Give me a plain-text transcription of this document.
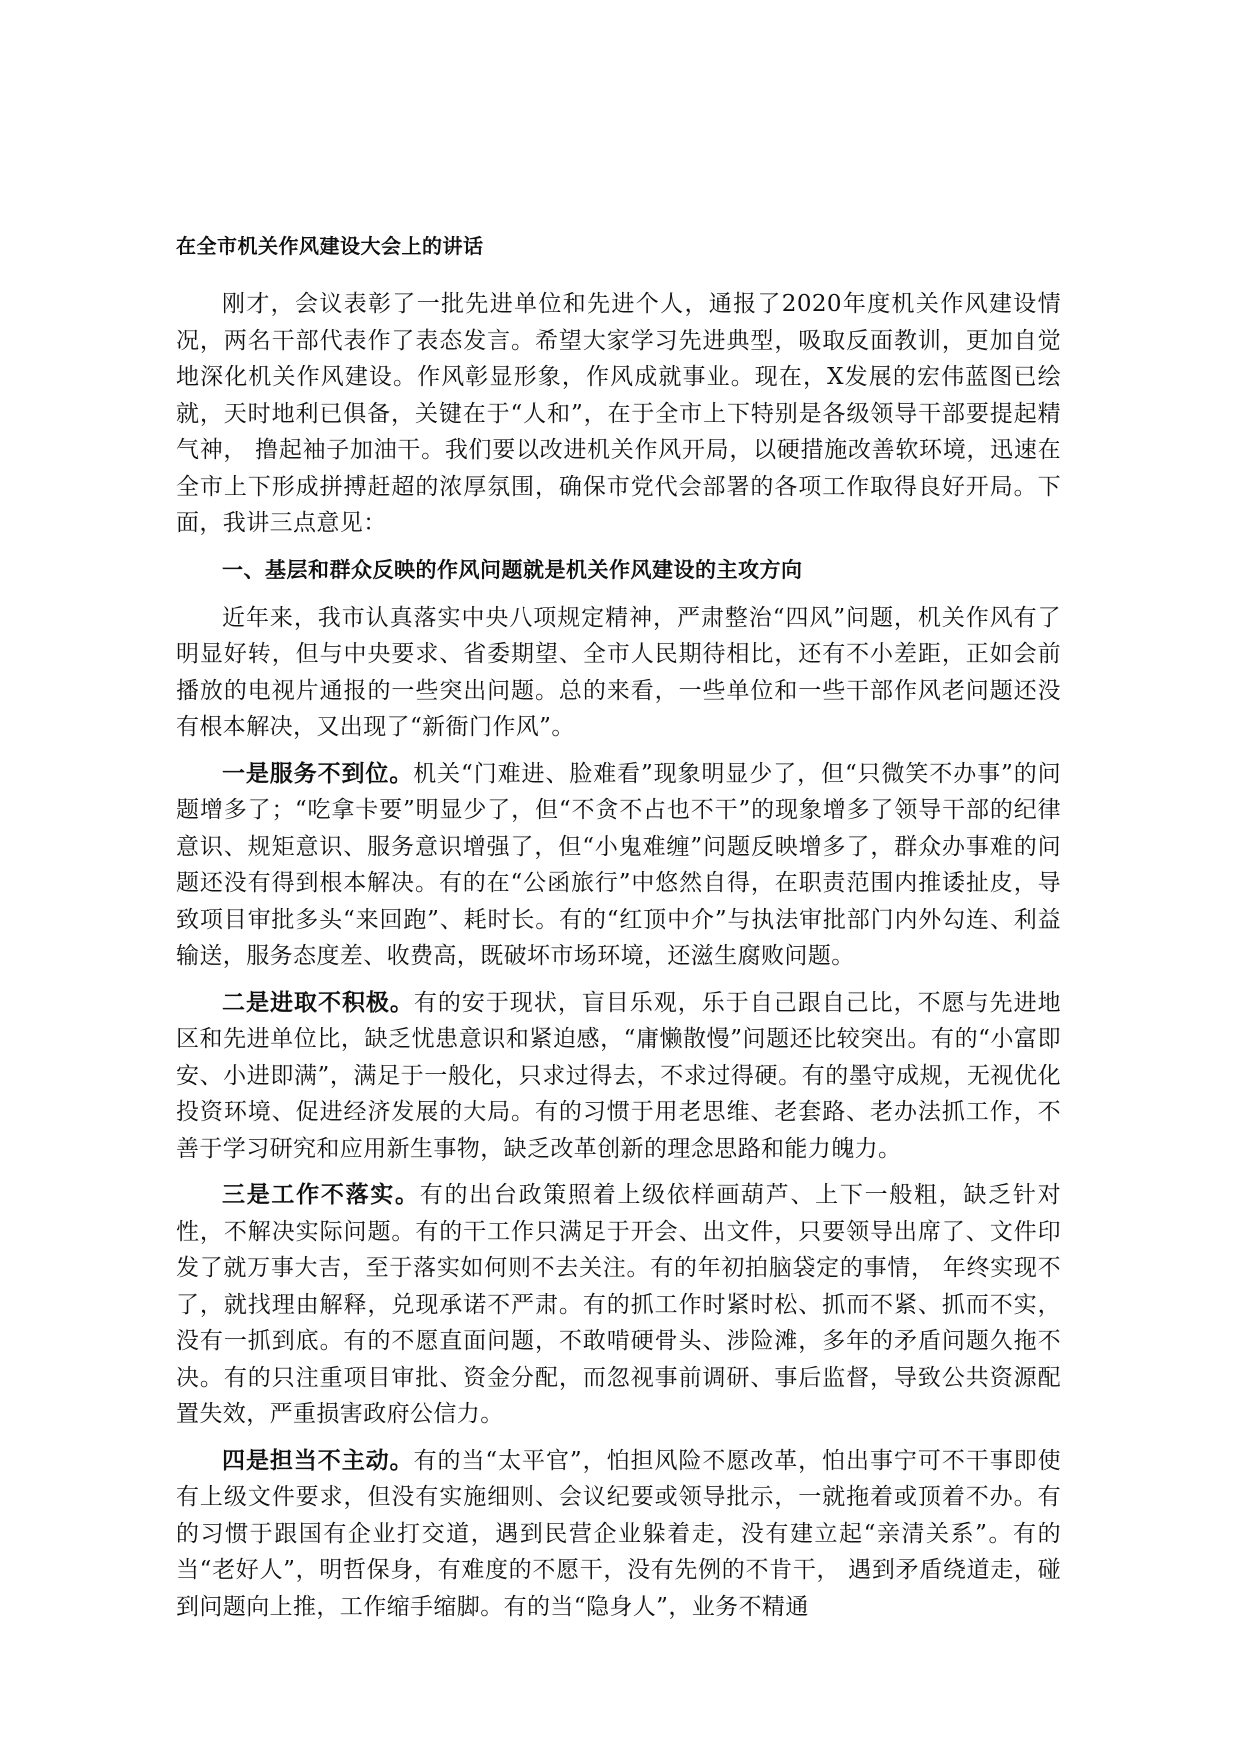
在全市机关作风建设大会上的讲话

刚才，会议表彰了一批先进单位和先进个人，通报了2020年度机关作风建设情况，两名干部代表作了表态发言。希望大家学习先进典型，吸取反面教训，更加自觉地深化机关作风建设。作风彰显形象，作风成就事业。现在，X发展的宏伟蓝图已绘就，天时地利已俱备，关键在于“人和”，在于全市上下特别是各级领导干部要提起精气神， 撸起袖子加油干。我们要以改进机关作风开局，以硬措施改善软环境，迅速在全市上下形成拼搏赶超的浓厚氛围，确保市党代会部署的各项工作取得良好开局。下面，我讲三点意见：

一、基层和群众反映的作风问题就是机关作风建设的主攻方向

近年来，我市认真落实中央八项规定精神，严肃整治“四风”问题，机关作风有了明显好转，但与中央要求、省委期望、全市人民期待相比，还有不小差距，正如会前播放的电视片通报的一些突出问题。总的来看，一些单位和一些干部作风老问题还没有根本解决，又出现了“新衙门作风”。

一是服务不到位。机关“门难进、脸难看”现象明显少了，但“只微笑不办事”的问题增多了；“吃拿卡要”明显少了，但“不贪不占也不干”的现象增多了领导干部的纪律意识、规矩意识、服务意识增强了，但“小鬼难缠”问题反映增多了，群众办事难的问题还没有得到根本解决。有的在“公函旅行”中悠然自得，在职责范围内推诿扯皮，导致项目审批多头“来回跑”、耗时长。有的“红顶中介”与执法审批部门内外勾连、利益输送，服务态度差、收费高，既破坏市场环境，还滋生腐败问题。

二是进取不积极。有的安于现状，盲目乐观，乐于自己跟自己比，不愿与先进地区和先进单位比，缺乏忧患意识和紧迫感，“庸懒散慢”问题还比较突出。有的“小富即安、小进即满”，满足于一般化，只求过得去，不求过得硬。有的墨守成规，无视优化投资环境、促进经济发展的大局。有的习惯于用老思维、老套路、老办法抓工作，不善于学习研究和应用新生事物，缺乏改革创新的理念思路和能力魄力。

三是工作不落实。有的出台政策照着上级依样画葫芦、上下一般粗，缺乏针对性，不解决实际问题。有的干工作只满足于开会、出文件，只要领导出席了、文件印发了就万事大吉，至于落实如何则不去关注。有的年初拍脑袋定的事情， 年终实现不了，就找理由解释，兑现承诺不严肃。有的抓工作时紧时松、抓而不紧、抓而不实，没有一抓到底。有的不愿直面问题，不敢啃硬骨头、涉险滩，多年的矛盾问题久拖不决。有的只注重项目审批、资金分配，而忽视事前调研、事后监督，导致公共资源配置失效，严重损害政府公信力。

四是担当不主动。有的当“太平官”，怕担风险不愿改革，怕出事宁可不干事即使有上级文件要求，但没有实施细则、会议纪要或领导批示，一就拖着或顶着不办。有的习惯于跟国有企业打交道，遇到民营企业躲着走，没有建立起“亲清关系”。有的当“老好人”，明哲保身，有难度的不愿干，没有先例的不肯干， 遇到矛盾绕道走，碰到问题向上推，工作缩手缩脚。有的当“隐身人”，业务不精通
